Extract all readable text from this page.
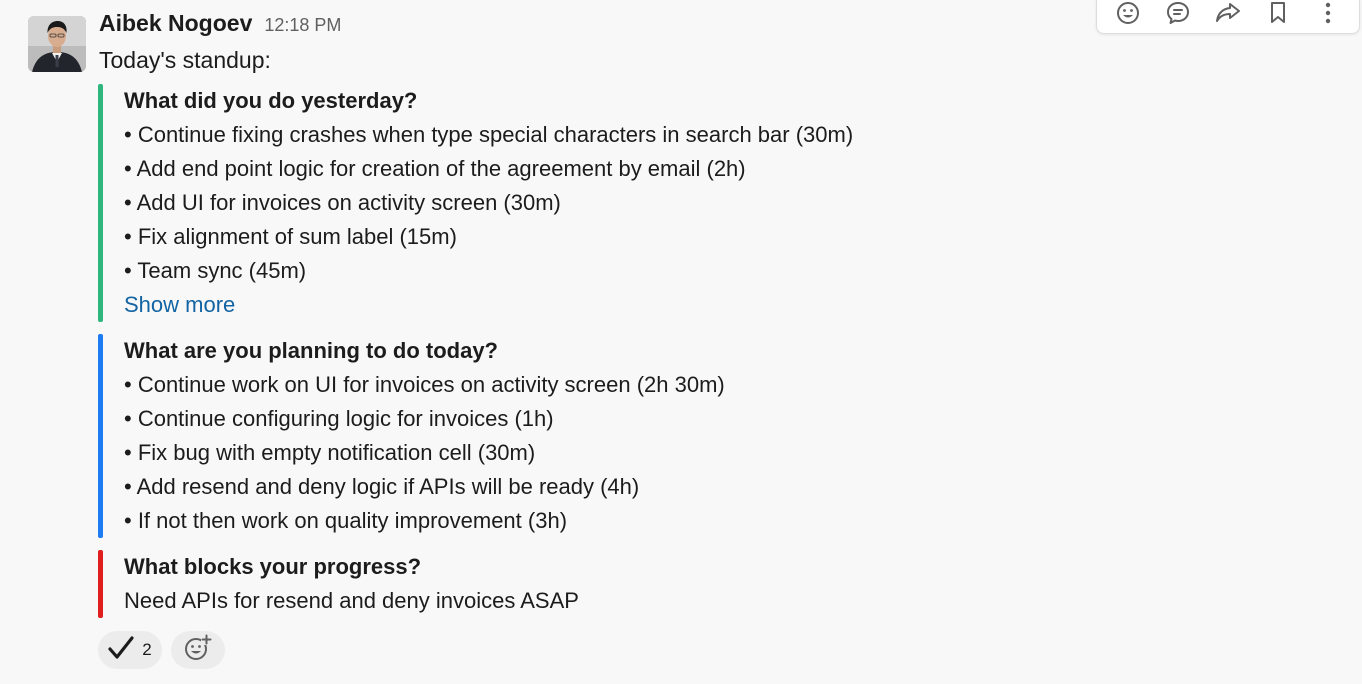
Aibek Nogoev 12:18 PM
Today's standup:
What did you do yesterday?
• Continue fixing crashes when type special characters in search bar (30m)
• Add end point logic for creation of the agreement by email (2h)
• Add UI for invoices on activity screen (30m)
• Fix alignment of sum label (15m)
• Team sync (45m)
Show more
What are you planning to do today?
• Continue work on UI for invoices on activity screen (2h 30m)
• Continue configuring logic for invoices (1h)
• Fix bug with empty notification cell (30m)
• Add resend and deny logic if APIs will be ready (4h)
• If not then work on quality improvement (3h)
What blocks your progress?
Need APIs for resend and deny invoices ASAP
2
